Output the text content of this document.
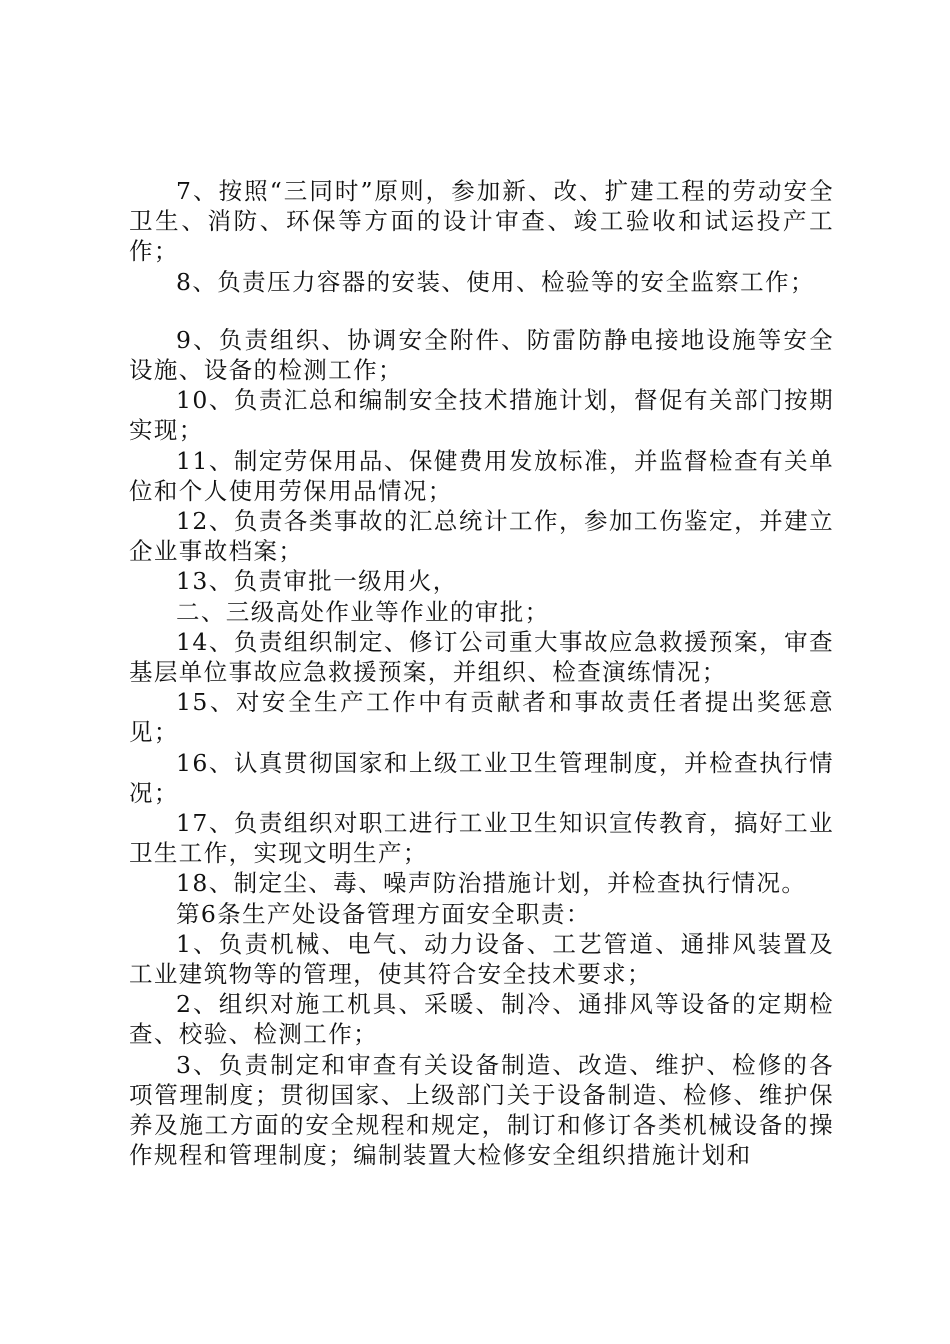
7、按照“三同时”原则，参加新、改、扩建工程的劳动安全卫生、消防、环保等方面的设计审查、竣工验收和试运投产工作；

8、负责压力容器的安装、使用、检验等的安全监察工作；

9、负责组织、协调安全附件、防雷防静电接地设施等安全设施、设备的检测工作；

10、负责汇总和编制安全技术措施计划，督促有关部门按期实现；

11、制定劳保用品、保健费用发放标准，并监督检查有关单位和个人使用劳保用品情况；

12、负责各类事故的汇总统计工作，参加工伤鉴定，并建立企业事故档案；

13、负责审批一级用火，

二、三级高处作业等作业的审批；

14、负责组织制定、修订公司重大事故应急救援预案，审查基层单位事故应急救援预案，并组织、检查演练情况；

15、对安全生产工作中有贡献者和事故责任者提出奖惩意见；

16、认真贯彻国家和上级工业卫生管理制度，并检查执行情况；

17、负责组织对职工进行工业卫生知识宣传教育，搞好工业卫生工作，实现文明生产；

18、制定尘、毒、噪声防治措施计划，并检查执行情况。

第6条生产处设备管理方面安全职责：

1、负责机械、电气、动力设备、工艺管道、通排风装置及工业建筑物等的管理，使其符合安全技术要求；

2、组织对施工机具、采暖、制冷、通排风等设备的定期检查、校验、检测工作；

3、负责制定和审查有关设备制造、改造、维护、检修的各项管理制度；贯彻国家、上级部门关于设备制造、检修、维护保养及施工方面的安全规程和规定，制订和修订各类机械设备的操作规程和管理制度；编制装置大检修安全组织措施计划和
